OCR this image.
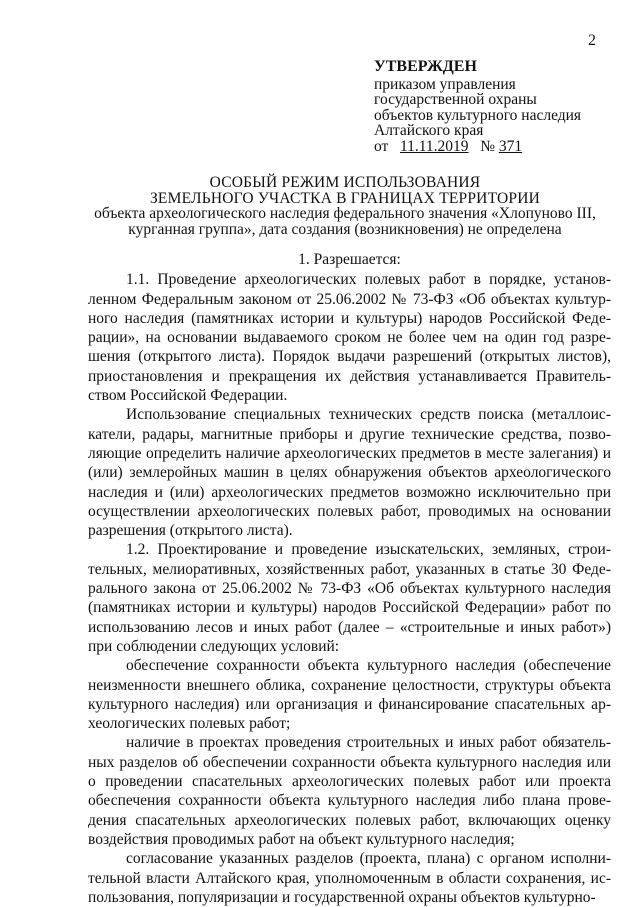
2
УТВЕРЖДЕН
приказом управления
государственной охраны
объектов культурного наследия
Алтайского края
от 11.11.2019 № 371
ОСОБЫЙ РЕЖИМ ИСПОЛЬЗОВАНИЯ
ЗЕМЕЛЬНОГО УЧАСТКА В ГРАНИЦАХ ТЕРРИТОРИИ
объекта археологического наследия федерального значения «Хлопуново III,
курганная группа», дата создания (возникновения) не определена

1. Разрешается:

1.1. Проведение археологических полевых работ в порядке, установленном Федеральным законом от 25.06.2002 № 73-ФЗ «Об объектах культурного наследия (памятниках истории и культуры) народов Российской Федерации», на основании выдаваемого сроком не более чем на один год разрешения (открытого листа). Порядок выдачи разрешений (открытых листов), приостановления и прекращения их действия устанавливается Правительством Российской Федерации.

Использование специальных технических средств поиска (металлоискатели, радары, магнитные приборы и другие технические средства, позволяющие определить наличие археологических предметов в месте залегания) и (или) землеройных машин в целях обнаружения объектов археологического наследия и (или) археологических предметов возможно исключительно при осуществлении археологических полевых работ, проводимых на основании разрешения (открытого листа).

1.2. Проектирование и проведение изыскательских, земляных, строительных, мелиоративных, хозяйственных работ, указанных в статье 30 Федерального закона от 25.06.2002 № 73-ФЗ «Об объектах культурного наследия (памятниках истории и культуры) народов Российской Федерации» работ по использованию лесов и иных работ (далее – «строительные и иных работ») при соблюдении следующих условий:

обеспечение сохранности объекта культурного наследия (обеспечение неизменности внешнего облика, сохранение целостности, структуры объекта культурного наследия) или организация и финансирование спасательных археологических полевых работ;

наличие в проектах проведения строительных и иных работ обязательных разделов об обеспечении сохранности объекта культурного наследия или о проведении спасательных археологических полевых работ или проекта обеспечения сохранности объекта культурного наследия либо плана проведения спасательных археологических полевых работ, включающих оценку воздействия проводимых работ на объект культурного наследия;

согласование указанных разделов (проекта, плана) с органом исполнительной власти Алтайского края, уполномоченным в области сохранения, использования, популяризации и государственной охраны объектов культурно-
